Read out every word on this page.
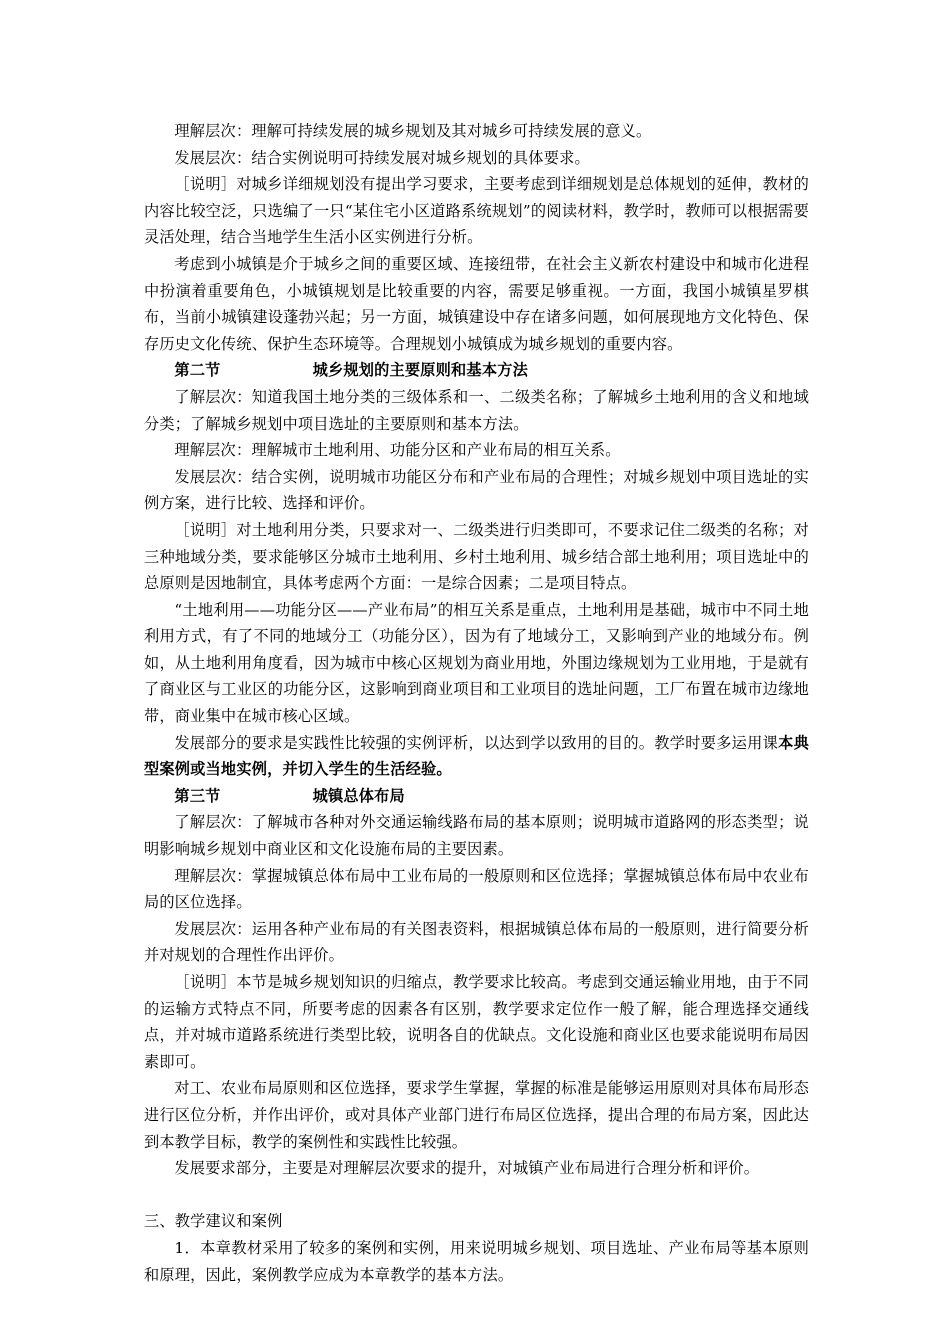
理解层次：理解可持续发展的城乡规划及其对城乡可持续发展的意义。

发展层次：结合实例说明可持续发展对城乡规划的具体要求。

［说明］对城乡详细规划没有提出学习要求，主要考虑到详细规划是总体规划的延伸，教材的内容比较空泛，只选编了一只“某住宅小区道路系统规划”的阅读材料，教学时，教师可以根据需要灵活处理，结合当地学生生活小区实例进行分析。

考虑到小城镇是介于城乡之间的重要区域、连接纽带，在社会主义新农村建设中和城市化进程中扮演着重要角色，小城镇规划是比较重要的内容，需要足够重视。一方面，我国小城镇星罗棋布，当前小城镇建设蓬勃兴起；另一方面，城镇建设中存在诸多问题，如何展现地方文化特色、保存历史文化传统、保护生态环境等。合理规划小城镇成为城乡规划的重要内容。

第二节	城乡规划的主要原则和基本方法

了解层次：知道我国土地分类的三级体系和一、二级类名称；了解城乡土地利用的含义和地域分类；了解城乡规划中项目选址的主要原则和基本方法。

理解层次：理解城市土地利用、功能分区和产业布局的相互关系。

发展层次：结合实例，说明城市功能区分布和产业布局的合理性；对城乡规划中项目选址的实例方案，进行比较、选择和评价。

［说明］对土地利用分类，只要求对一、二级类进行归类即可，不要求记住二级类的名称；对三种地域分类，要求能够区分城市土地利用、乡村土地利用、城乡结合部土地利用；项目选址中的总原则是因地制宜，具体考虑两个方面：一是综合因素；二是项目特点。

“土地利用——功能分区——产业布局”的相互关系是重点，土地利用是基础，城市中不同土地利用方式，有了不同的地域分工（功能分区），因为有了地域分工，又影响到产业的地域分布。例如，从土地利用角度看，因为城市中核心区规划为商业用地，外围边缘规划为工业用地，于是就有了商业区与工业区的功能分区，这影响到商业项目和工业项目的选址问题，工厂布置在城市边缘地带，商业集中在城市核心区域。

发展部分的要求是实践性比较强的实例评析，以达到学以致用的目的。教学时要多运用课本典型案例或当地实例，并切入学生的生活经验。

第三节	城镇总体布局

了解层次：了解城市各种对外交通运输线路布局的基本原则；说明城市道路网的形态类型；说明影响城乡规划中商业区和文化设施布局的主要因素。

理解层次：掌握城镇总体布局中工业布局的一般原则和区位选择；掌握城镇总体布局中农业布局的区位选择。

发展层次：运用各种产业布局的有关图表资料，根据城镇总体布局的一般原则，进行简要分析并对规划的合理性作出评价。

［说明］本节是城乡规划知识的归缩点，教学要求比较高。考虑到交通运输业用地，由于不同的运输方式特点不同，所要考虑的因素各有区别，教学要求定位作一般了解，能合理选择交通线点，并对城市道路系统进行类型比较，说明各自的优缺点。文化设施和商业区也要求能说明布局因素即可。

对工、农业布局原则和区位选择，要求学生掌握，掌握的标准是能够运用原则对具体布局形态进行区位分析，并作出评价，或对具体产业部门进行布局区位选择，提出合理的布局方案，因此达到本教学目标，教学的案例性和实践性比较强。

发展要求部分，主要是对理解层次要求的提升，对城镇产业布局进行合理分析和评价。

三、教学建议和案例

1．本章教材采用了较多的案例和实例，用来说明城乡规划、项目选址、产业布局等基本原则和原理，因此，案例教学应成为本章教学的基本方法。
